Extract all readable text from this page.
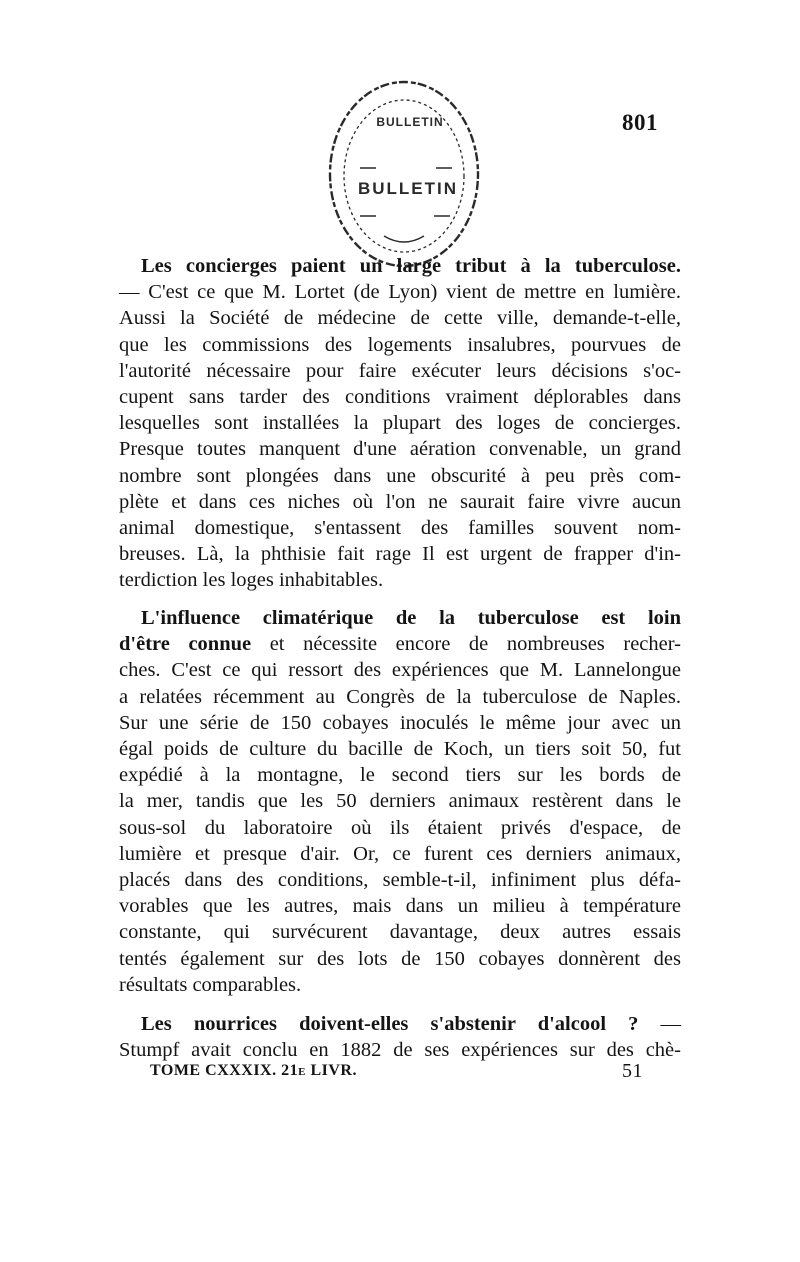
BULLETIN
BULLETIN
801

Les concierges paient un large tribut à la tuberculose.
— C'est ce que M. Lortet (de Lyon) vient de mettre en lumière.
Aussi la Société de médecine de cette ville, demande-t-elle,
que les commissions des logements insalubres, pourvues de
l'autorité nécessaire pour faire exécuter leurs décisions s'oc-
cupent sans tarder des conditions vraiment déplorables dans
lesquelles sont installées la plupart des loges de concierges.
Presque toutes manquent d'une aération convenable, un grand
nombre sont plongées dans une obscurité à peu près com-
plète et dans ces niches où l'on ne saurait faire vivre aucun
animal domestique, s'entassent des familles souvent nom-
breuses. Là, la phthisie fait rage Il est urgent de frapper d'in-
terdiction les loges inhabitables.

L'influence climatérique de la tuberculose est loin
d'être connue et nécessite encore de nombreuses recher-
ches. C'est ce qui ressort des expériences que M. Lannelongue
a relatées récemment au Congrès de la tuberculose de Naples.
Sur une série de 150 cobayes inoculés le même jour avec un
égal poids de culture du bacille de Koch, un tiers soit 50, fut
expédié à la montagne, le second tiers sur les bords de
la mer, tandis que les 50 derniers animaux restèrent dans le
sous-sol du laboratoire où ils étaient privés d'espace, de
lumière et presque d'air. Or, ce furent ces derniers animaux,
placés dans des conditions, semble-t-il, infiniment plus défa-
vorables que les autres, mais dans un milieu à température
constante, qui survécurent davantage, deux autres essais
tentés également sur des lots de 150 cobayes donnèrent des
résultats comparables.

Les nourrices doivent-elles s'abstenir d'alcool ? —
Stumpf avait conclu en 1882 de ses expériences sur des chè-

TOME CXXXIX. 21e LIVR.	51
